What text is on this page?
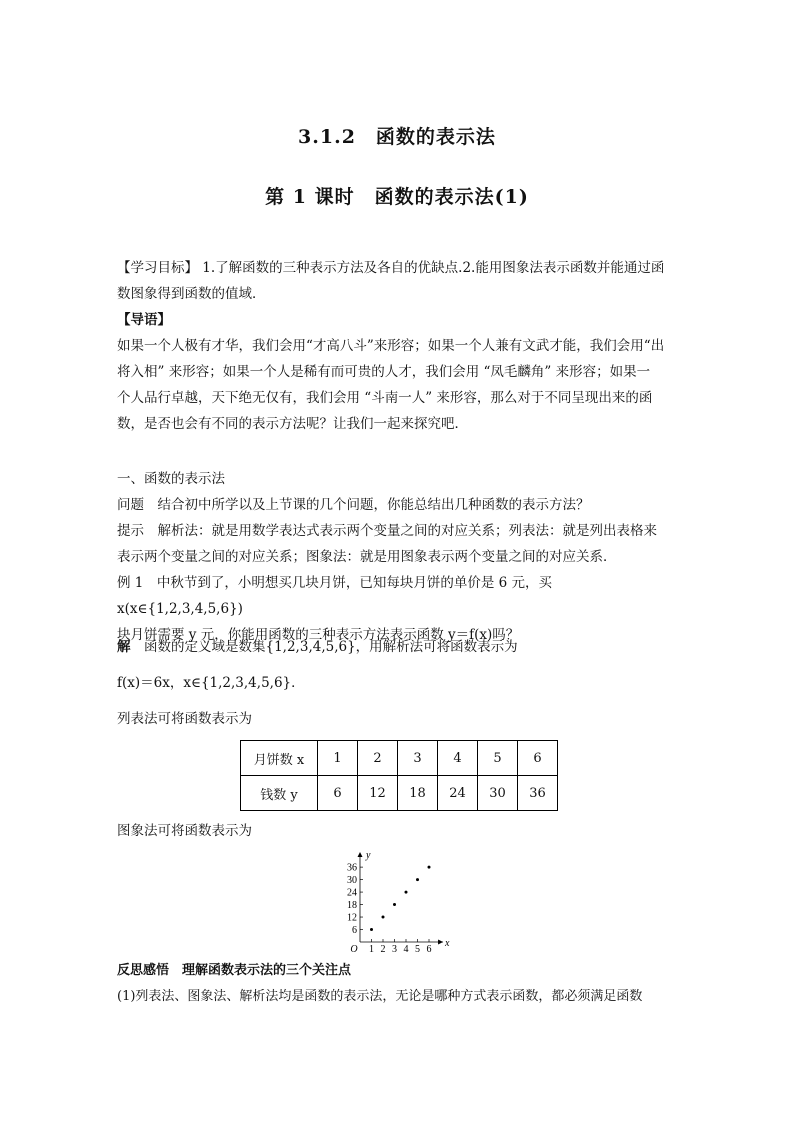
3.1.2　函数的表示法
第 1 课时　函数的表示法(1)
【学习目标】 1.了解函数的三种表示方法及各自的优缺点.2.能用图象法表示函数并能通过函
数图象得到函数的值域．
【导语】
如果一个人极有才华，我们会用“才高八斗”来形容；如果一个人兼有文武才能，我们会用“出
将入相” 来形容；如果一个人是稀有而可贵的人才，我们会用 “凤毛麟角” 来形容；如果一
个人品行卓越，天下绝无仅有，我们会用 “斗南一人” 来形容，那么对于不同呈现出来的函
数，是否也会有不同的表示方法呢？让我们一起来探究吧．
一、函数的表示法
问题　 结合初中所学以及上节课的几个问题，你能总结出几种函数的表示方法？
提示　 解析法：就是用数学表达式表示两个变量之间的对应关系；列表法：就是列出表格来
表示两个变量之间的对应关系；图象法：就是用图象表示两个变量之间的对应关系．
例 1　 中秋节到了，小明想买几块月饼，已知每块月饼的单价是 6 元，买 x(x∈{1,2,3,4,5,6})
块月饼需要 y 元，你能用函数的三种表示方法表示函数 y＝f(x)吗？
解　 函数的定义域是数集{1,2,3,4,5,6}，用解析法可将函数表示为
f(x)＝6x，x∈{1,2,3,4,5,6}．
列表法可将函数表示为
月饼数 x	1	2	3	4	5	6
钱数 y	6	12	18	24	30	36
图象法可将函数表示为
y
x
O 1 2 3 4 5 6
6
12
18
24
30
36
反思感悟　 理解函数表示法的三个关注点
(1)列表法、图象法、解析法均是函数的表示法，无论是哪种方式表示函数，都必须满足函数
